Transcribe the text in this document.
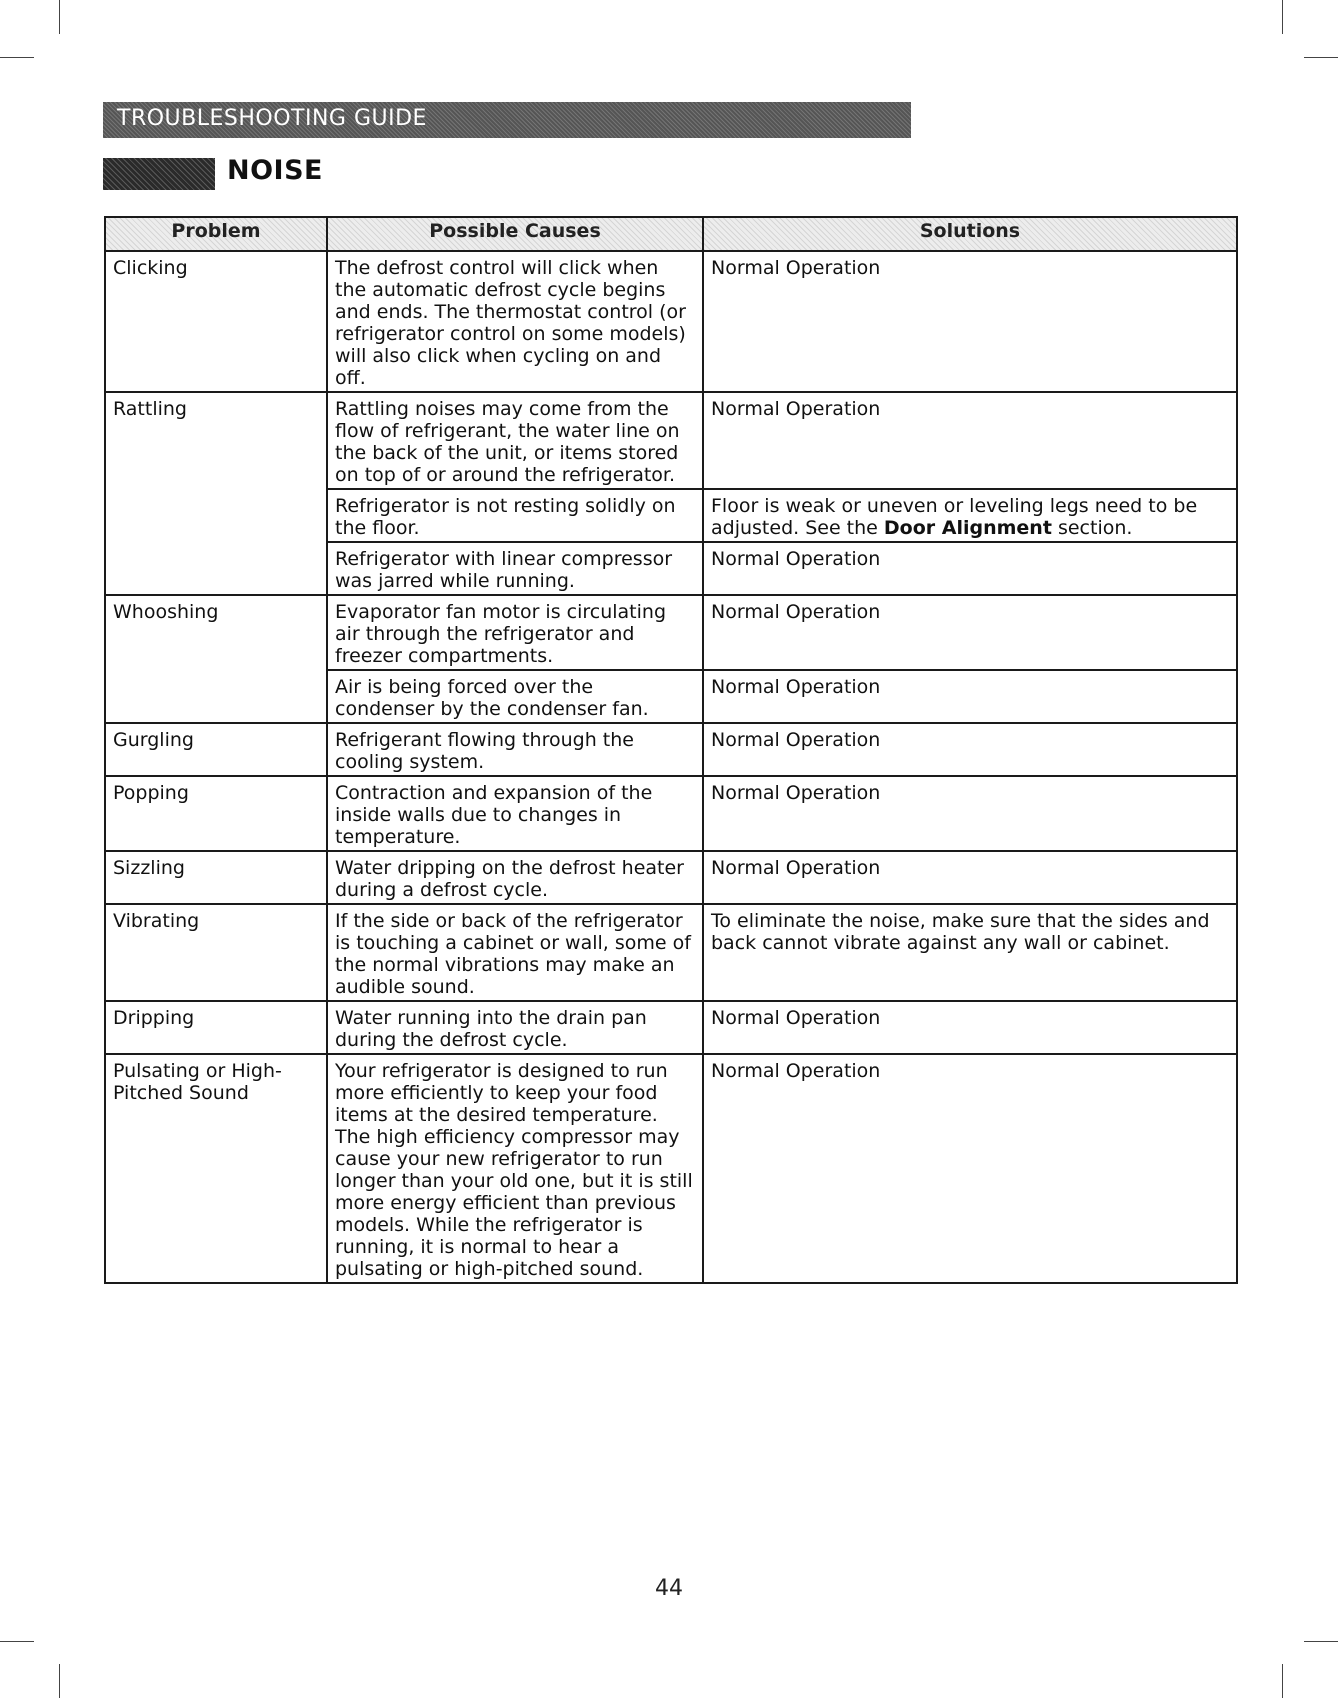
TROUBLESHOOTING GUIDE
NOISE
Problem	Possible Causes	Solutions
Clicking	The defrost control will click when the automatic defrost cycle begins and ends. The thermostat control (or refrigerator control on some models) will also click when cycling on and off.	Normal Operation
Rattling	Rattling noises may come from the flow of refrigerant, the water line on the back of the unit, or items stored on top of or around the refrigerator.	Normal Operation
	Refrigerator is not resting solidly on the floor.	Floor is weak or uneven or leveling legs need to be adjusted. See the Door Alignment section.
	Refrigerator with linear compressor was jarred while running.	Normal Operation
Whooshing	Evaporator fan motor is circulating air through the refrigerator and freezer compartments.	Normal Operation
	Air is being forced over the condenser by the condenser fan.	Normal Operation
Gurgling	Refrigerant flowing through the cooling system.	Normal Operation
Popping	Contraction and expansion of the inside walls due to changes in temperature.	Normal Operation
Sizzling	Water dripping on the defrost heater during a defrost cycle.	Normal Operation
Vibrating	If the side or back of the refrigerator is touching a cabinet or wall, some of the normal vibrations may make an audible sound.	To eliminate the noise, make sure that the sides and back cannot vibrate against any wall or cabinet.
Dripping	Water running into the drain pan during the defrost cycle.	Normal Operation
Pulsating or High-Pitched Sound	Your refrigerator is designed to run more efficiently to keep your food items at the desired temperature. The high efficiency compressor may cause your new refrigerator to run longer than your old one, but it is still more energy efficient than previous models. While the refrigerator is running, it is normal to hear a pulsating or high-pitched sound.	Normal Operation
44
